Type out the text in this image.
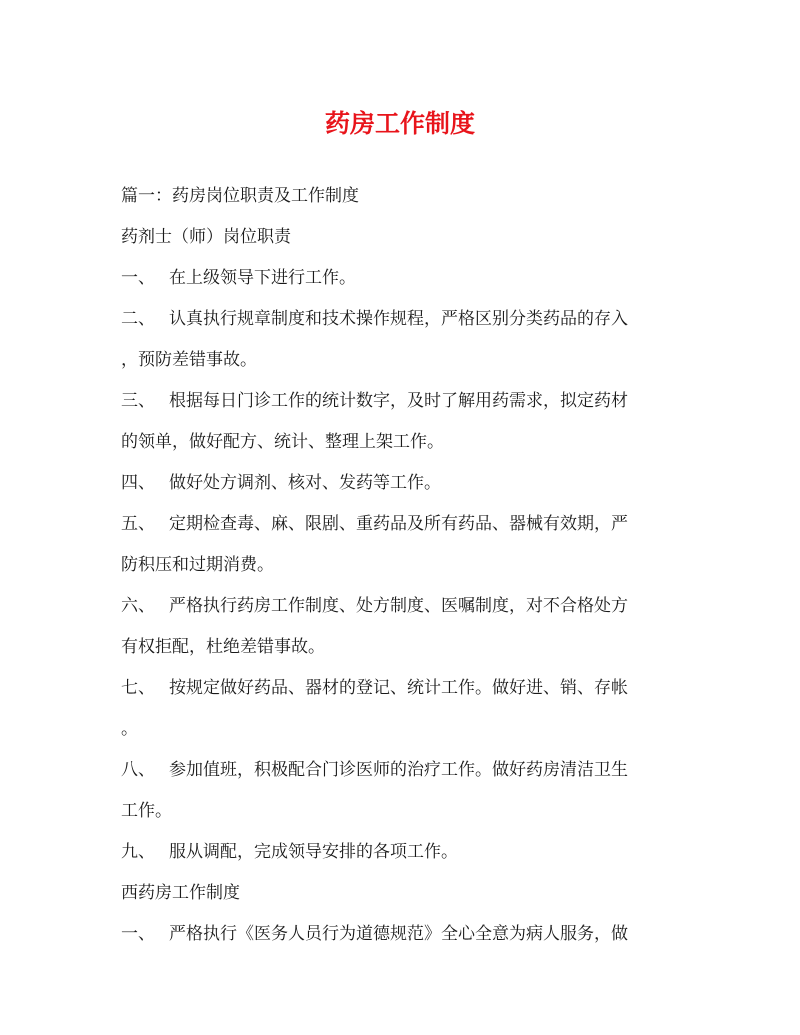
药房工作制度
篇一：药房岗位职责及工作制度
药剂士（师）岗位职责
一、 在上级领导下进行工作。
二、 认真执行规章制度和技术操作规程，严格区别分类药品的存入
，预防差错事故。
三、 根据每日门诊工作的统计数字，及时了解用药需求，拟定药材
的领单，做好配方、统计、整理上架工作。
四、 做好处方调剂、核对、发药等工作。
五、 定期检查毒、麻、限剧、重药品及所有药品、器械有效期，严
防积压和过期消费。
六、 严格执行药房工作制度、处方制度、医嘱制度，对不合格处方
有权拒配，杜绝差错事故。
七、 按规定做好药品、器材的登记、统计工作。做好进、销、存帐
。
八、 参加值班，积极配合门诊医师的治疗工作。做好药房清洁卫生
工作。
九、 服从调配，完成领导安排的各项工作。
西药房工作制度
一、 严格执行《医务人员行为道德规范》全心全意为病人服务，做
